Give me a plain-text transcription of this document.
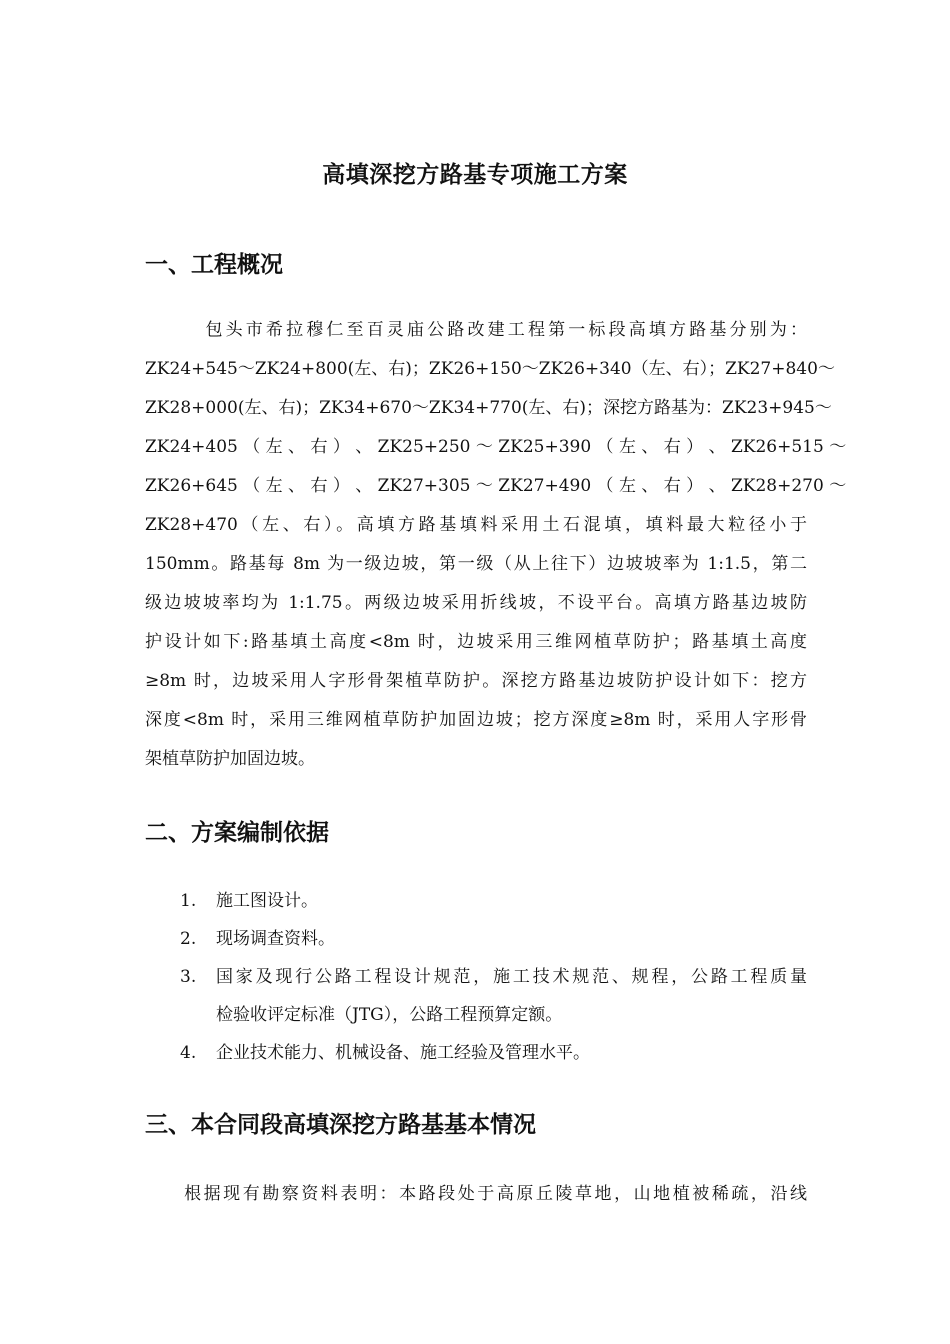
高填深挖方路基专项施工方案
一、工程概况
　　　包头市希拉穆仁至百灵庙公路改建工程第一标段高填方路基分别为：
ZK24+545～ZK24+800(左、右)；ZK26+150～ZK26+340（左、右）；ZK27+840～
ZK28+000(左、右)；ZK34+670～ZK34+770(左、右)；深挖方路基为：ZK23+945～
ZK24+405 （ 左 、 右 ） 、 ZK25+250 ～ ZK25+390 （ 左 、 右 ） 、 ZK26+515 ～
ZK26+645 （ 左 、 右 ） 、 ZK27+305 ～ ZK27+490 （ 左 、 右 ） 、 ZK28+270 ～
ZK28+470（左、右）。高填方路基填料采用土石混填，填料最大粒径小于
150mm。路基每 8m 为一级边坡，第一级（从上往下）边坡坡率为 1:1.5，第二
级边坡坡率均为 1:1.75。两级边坡采用折线坡，不设平台。高填方路基边坡防
护设计如下:路基填土高度<8m 时，边坡采用三维网植草防护；路基填土高度
≥8m 时，边坡采用人字形骨架植草防护。深挖方路基边坡防护设计如下：挖方
深度<8m 时，采用三维网植草防护加固边坡；挖方深度≥8m 时，采用人字形骨
架植草防护加固边坡。
二、方案编制依据
1. 施工图设计。
2. 现场调查资料。
3. 国家及现行公路工程设计规范，施工技术规范、规程，公路工程质量
检验收评定标准（JTG），公路工程预算定额。
4. 企业技术能力、机械设备、施工经验及管理水平。
三、本合同段高填深挖方路基基本情况
　　根据现有勘察资料表明：本路段处于高原丘陵草地，山地植被稀疏，沿线
